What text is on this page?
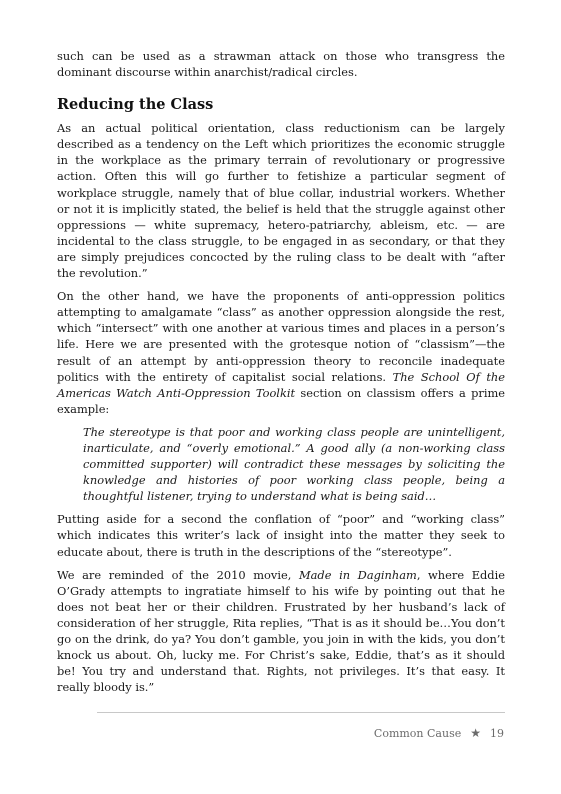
such can be used as a strawman attack on those who transgress the dominant discourse within anarchist/radical circles.

Reducing the Class

As an actual political orientation, class reductionism can be largely described as a tendency on the Left which prioritizes the economic struggle in the workplace as the primary terrain of revolutionary or progressive action. Often this will go further to fetishize a particular segment of workplace struggle, namely that of blue collar, industrial workers. Whether or not it is implicitly stated, the belief is held that the struggle against other oppressions — white supremacy, hetero-patriarchy, ableism, etc. — are incidental to the class struggle, to be engaged in as secondary, or that they are simply prejudices concocted by the ruling class to be dealt with “after the revolution.”

On the other hand, we have the proponents of anti-oppression politics attempting to amalgamate “class” as another oppression alongside the rest, which “intersect” with one another at various times and places in a person’s life. Here we are presented with the grotesque notion of “classism”—the result of an attempt by anti-oppression theory to reconcile inadequate politics with the entirety of capitalist social relations. The School Of the Americas Watch Anti-Oppression Toolkit section on classism offers a prime example:

The stereotype is that poor and working class people are unintelligent, inarticulate, and “overly emotional.” A good ally (a non-working class committed supporter) will contradict these messages by soliciting the knowledge and histories of poor working class people, being a thoughtful listener, trying to understand what is being said…

Putting aside for a second the conflation of “poor” and “working class” which indicates this writer’s lack of insight into the matter they seek to educate about, there is truth in the descriptions of the “stereotype”.

We are reminded of the 2010 movie, Made in Daginham, where Eddie O’Grady attempts to ingratiate himself to his wife by pointing out that he does not beat her or their children. Frustrated by her husband’s lack of consideration of her struggle, Rita replies, “That is as it should be…You don’t go on the drink, do ya? You don’t gamble, you join in with the kids, you don’t knock us about. Oh, lucky me. For Christ’s sake, Eddie, that’s as it should be! You try and understand that. Rights, not privileges. It’s that easy. It really bloody is.”

Common Cause ★ 19
